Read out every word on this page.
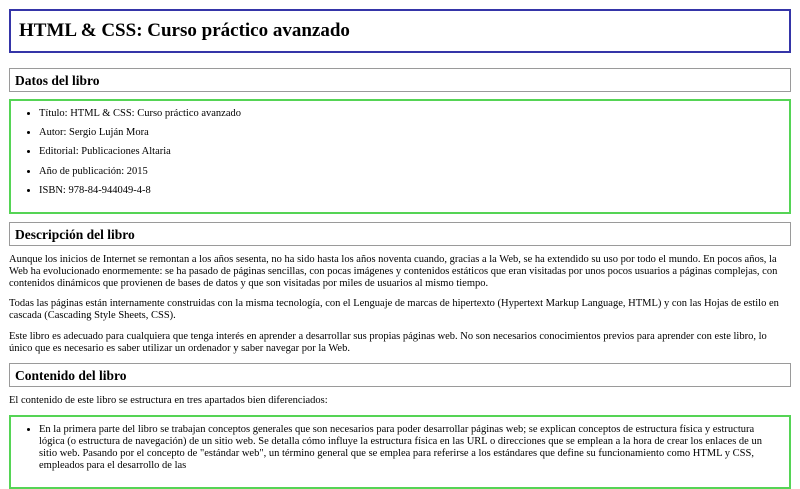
HTML & CSS: Curso práctico avanzado
Datos del libro
• Título: HTML & CSS: Curso práctico avanzado
• Autor: Sergio Luján Mora
• Editorial: Publicaciones Altaria
• Año de publicación: 2015
• ISBN: 978-84-944049-4-8
Descripción del libro

Aunque los inicios de Internet se remontan a los años sesenta, no ha sido hasta los años noventa cuando, gracias a la Web, se ha extendido su uso por todo el mundo. En pocos años, la Web ha evolucionado enormemente: se ha pasado de páginas sencillas, con pocas imágenes y contenidos estáticos que eran visitadas por unos pocos usuarios a páginas complejas, con contenidos dinámicos que provienen de bases de datos y que son visitadas por miles de usuarios al mismo tiempo.

Todas las páginas están internamente construidas con la misma tecnología, con el Lenguaje de marcas de hipertexto (Hypertext Markup Language, HTML) y con las Hojas de estilo en cascada (Cascading Style Sheets, CSS).

Este libro es adecuado para cualquiera que tenga interés en aprender a desarrollar sus propias páginas web. No son necesarios conocimientos previos para aprender con este libro, lo único que es necesario es saber utilizar un ordenador y saber navegar por la Web.

Contenido del libro

El contenido de este libro se estructura en tres apartados bien diferenciados:

• En la primera parte del libro se trabajan conceptos generales que son necesarios para poder desarrollar páginas web; se explican conceptos de estructura física y estructura lógica (o estructura de navegación) de un sitio web. Se detalla cómo influye la estructura física en las URL o direcciones que se emplean a la hora de crear los enlaces de un sitio web. Pasando por el concepto de "estándar web", un término general que se emplea para referirse a los estándares que define su funcionamiento como HTML y CSS, empleados para el desarrollo de las
